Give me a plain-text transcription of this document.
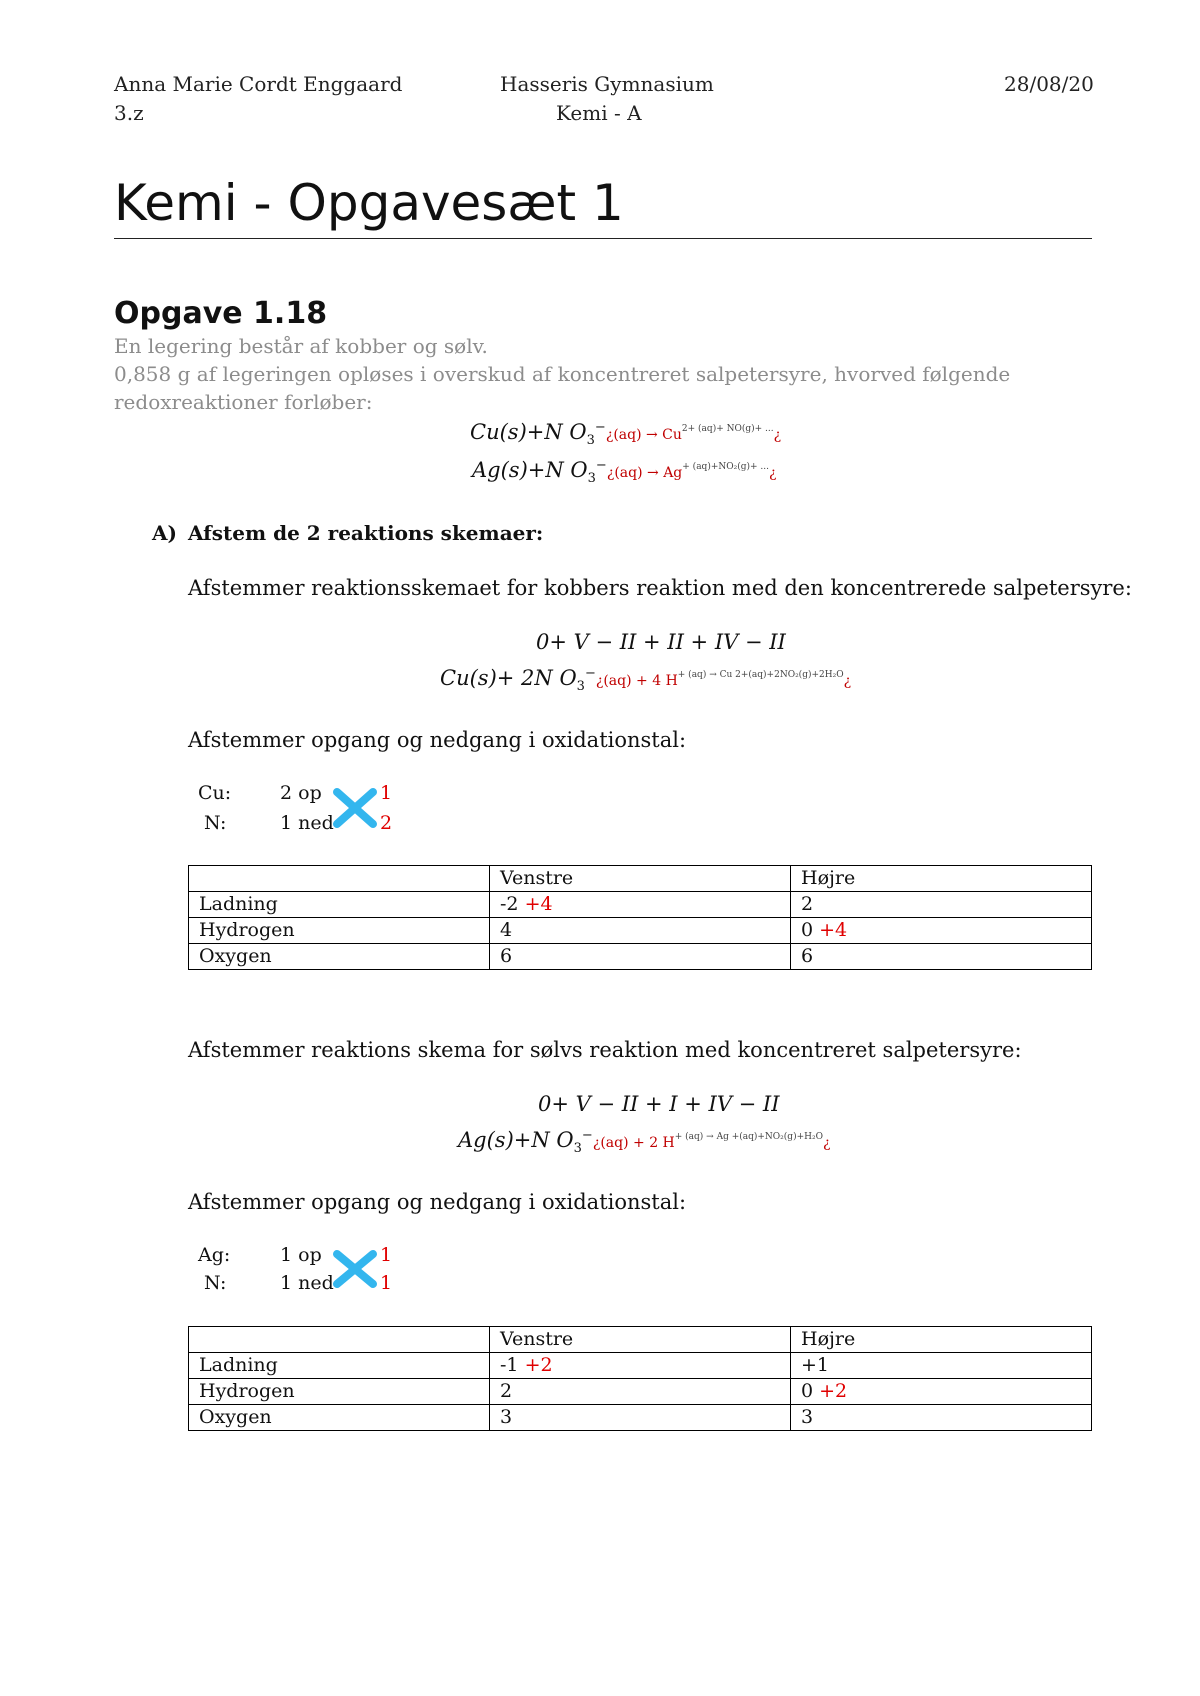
Anna Marie Cordt Enggaard
3.z
Hasseris Gymnasium
Kemi - A
28/08/20
Kemi - Opgavesæt 1
Opgave 1.18
En legering består af kobber og sølv.
0,858 g af legeringen opløses i overskud af koncentreret salpetersyre, hvorved følgende
redoxreaktioner forløber:
Cu(s)+N $O_3^-¿(aq)$ → $Cu^{2+ (aq)+ NO(g)+ ...}¿$
Ag(s)+N $O_3^-¿(aq)$ → $Ag^{+ (aq)+NO_2(g)+ ...}¿$
A) Afstem de 2 reaktions skemaer:
Afstemmer reaktionsskemaet for kobbers reaktion med den koncentrerede salpetersyre:
0+ V − II + II + IV − II
Cu(s)+ 2N $O_3^-¿(aq) + 4$ $H^{+ (aq) \to Cu 2+(aq)+2NO_2(g)+2H_2O}¿$
Afstemmer opgang og nedgang i oxidationstal:
Cu:	2 op	1
N:	1 ned 2
	Venstre	Højre
Ladning	-2 +4	2
Hydrogen	4	0 +4
Oxygen	6	6
Afstemmer reaktions skema for sølvs reaktion med koncentreret salpetersyre:
0+ V − II + I + IV − II
Ag(s)+N $O_3^-¿(aq) + 2$ $H^{+ (aq) \to Ag +(aq)+NO_2(g)+H_2O}¿$
Afstemmer opgang og nedgang i oxidationstal:
Ag:	1 op	1
N:	1 ned 1
	Venstre	Højre
Ladning	-1 +2	+1
Hydrogen	2	0 +2
Oxygen	3	3
